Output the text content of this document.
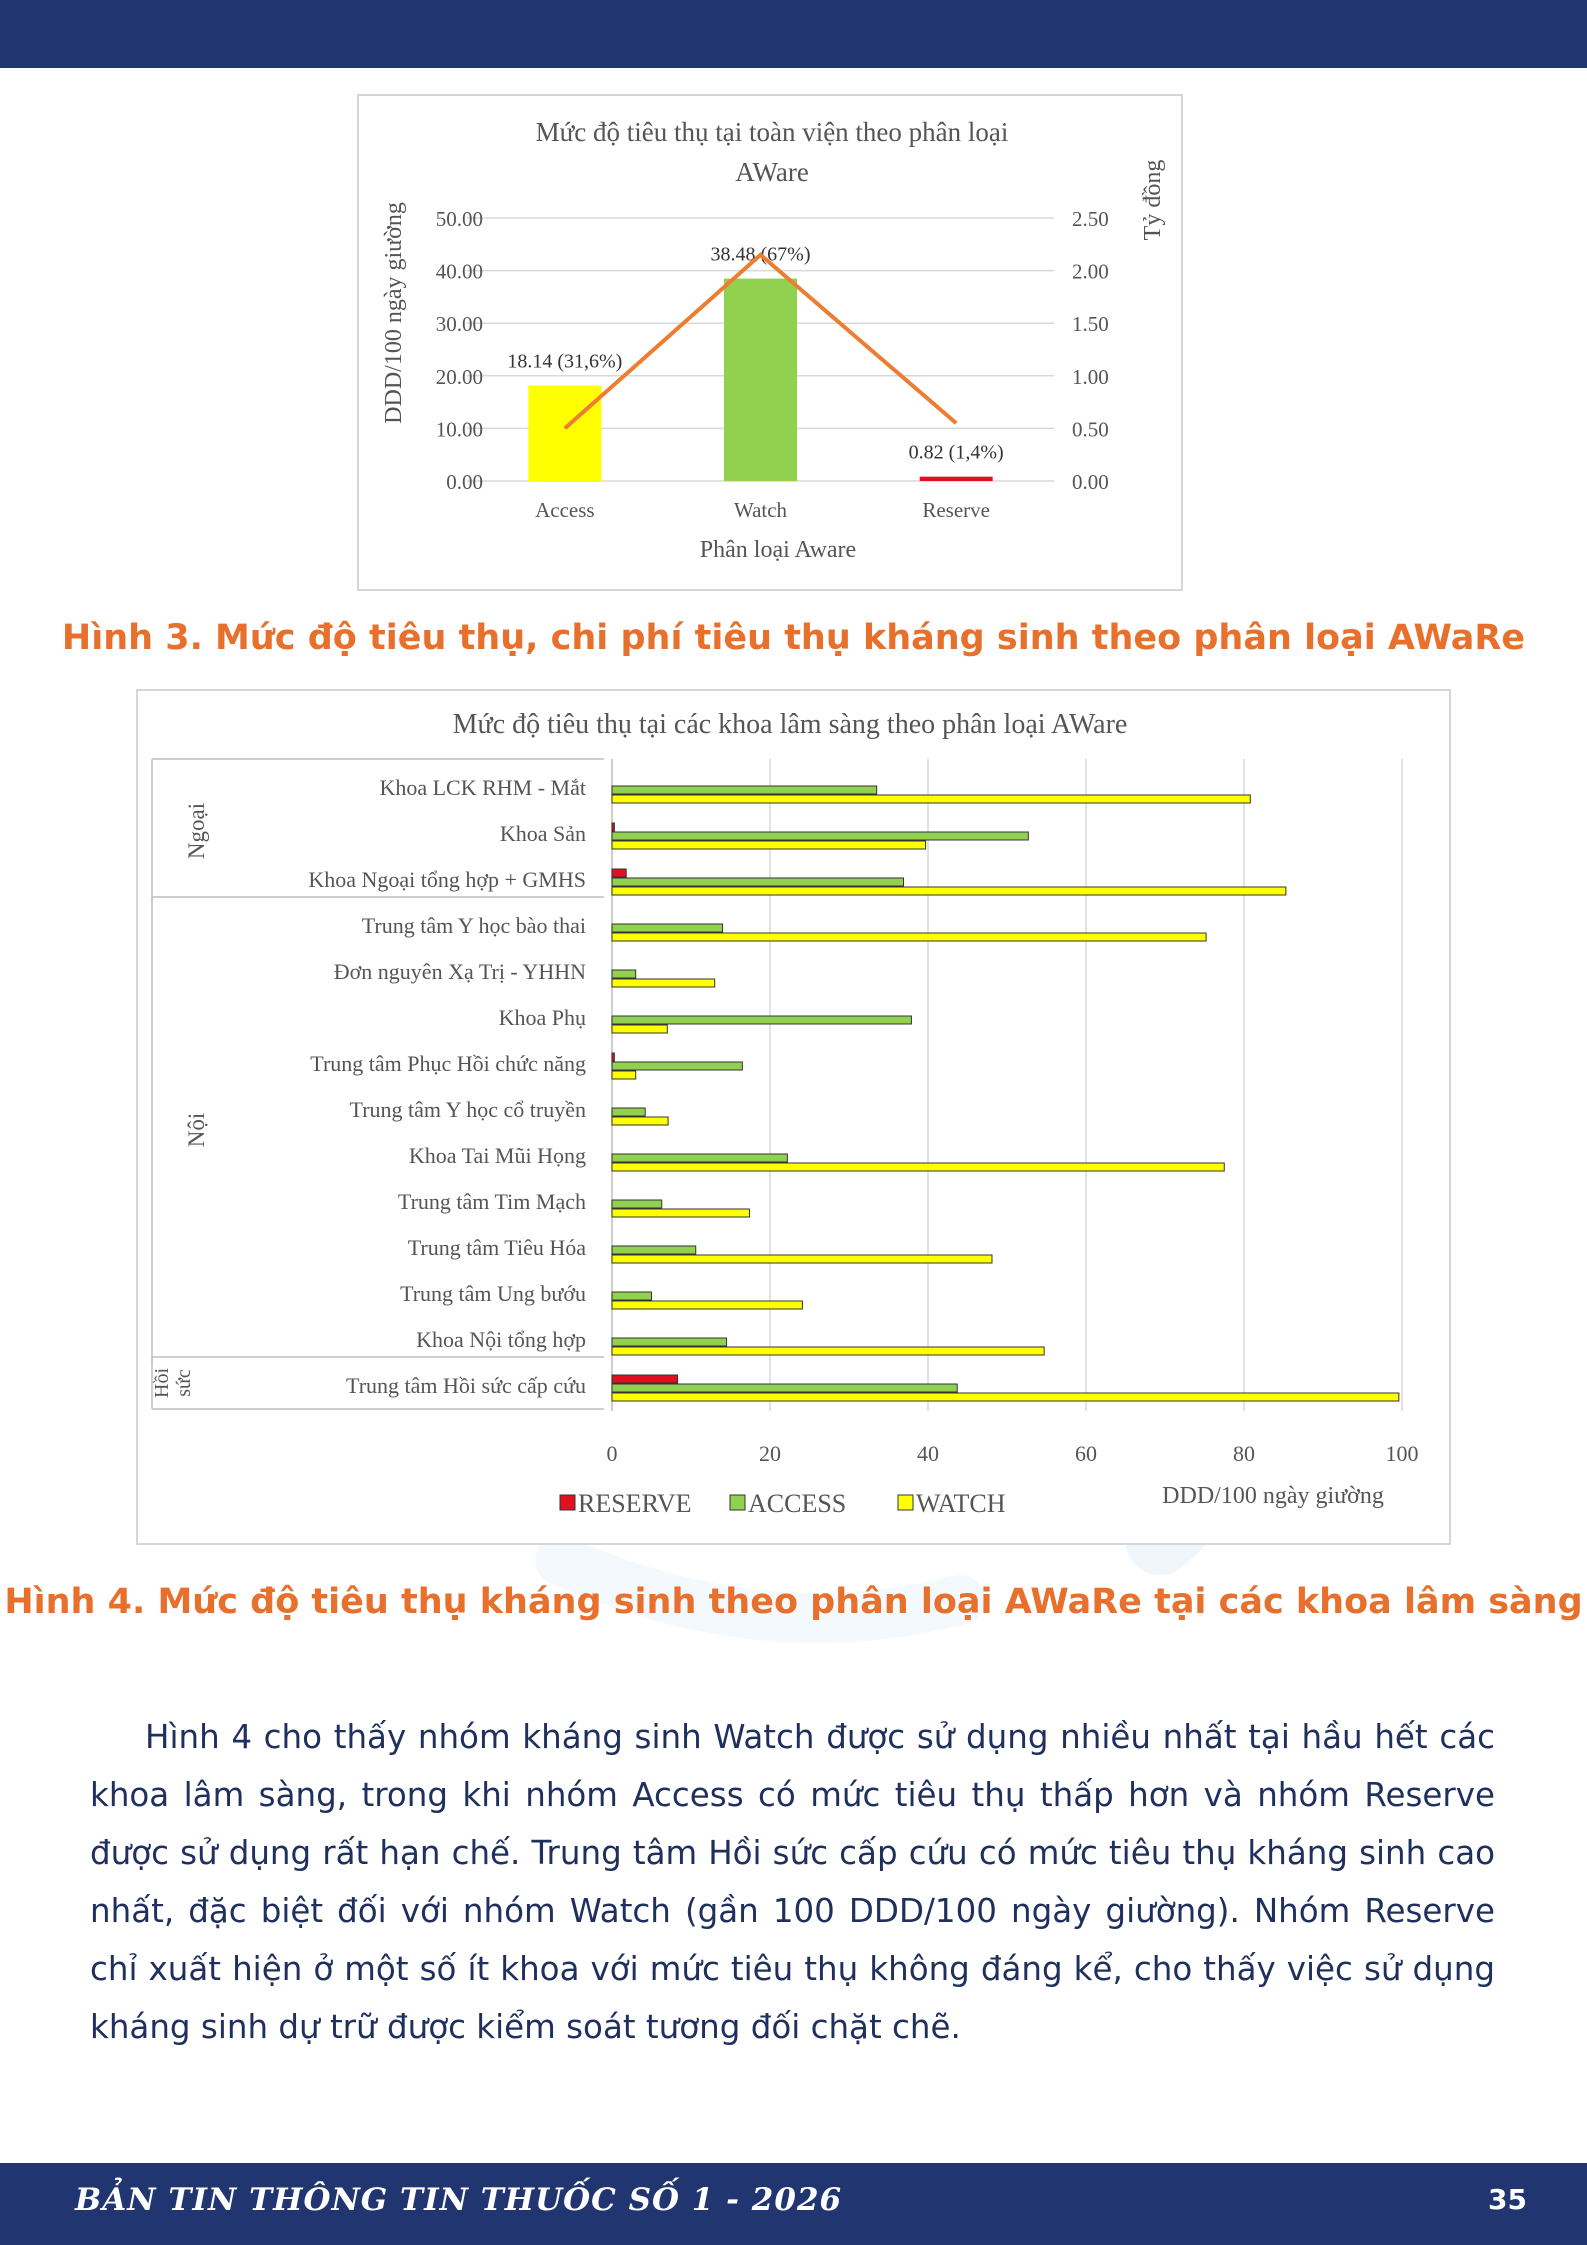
Mức độ tiêu thụ tại toàn viện theo phân loại
AWare
DDD/100 ngày giường
Tỷ đồng
Phân loại Aware
0.00
10.00
20.00
30.00
40.00
50.00
0.00
0.50
1.00
1.50
2.00
2.50
18.14 (31,6%)
Access
38.48 (67%)
Watch
0.82 (1,4%)
Reserve
Hình 3. Mức độ tiêu thụ, chi phí tiêu thụ kháng sinh theo phân loại AWaRe
Mức độ tiêu thụ tại các khoa lâm sàng theo phân loại AWare
DDD/100 ngày giường
0	20	40	60	80	100
Khoa LCK RHM - Mắt
Khoa Sản
Khoa Ngoại tổng hợp + GMHS
Trung tâm Y học bào thai
Đơn nguyên Xạ Trị - YHHN
Khoa Phụ
Trung tâm Phục Hồi chức năng
Trung tâm Y học cổ truyền
Khoa Tai Mũi Họng
Trung tâm Tim Mạch
Trung tâm Tiêu Hóa
Trung tâm Ung bướu
Khoa Nội tổng hợp
Trung tâm Hồi sức cấp cứu
Ngoại
Nội
Hồi sức
RESERVE ACCESS	WATCH
Hình 4. Mức độ tiêu thụ kháng sinh theo phân loại AWaRe tại các khoa lâm sàng

Hình 4 cho thấy nhóm kháng sinh Watch được sử dụng nhiều nhất tại hầu hết các khoa lâm sàng, trong khi nhóm Access có mức tiêu thụ thấp hơn và nhóm Reserve được sử dụng rất hạn chế. Trung tâm Hồi sức cấp cứu có mức tiêu thụ kháng sinh cao nhất, đặc biệt đối với nhóm Watch (gần 100 DDD/100 ngày giường). Nhóm Reserve chỉ xuất hiện ở một số ít khoa với mức tiêu thụ không đáng kể, cho thấy việc sử dụng kháng sinh dự trữ được kiểm soát tương đối chặt chẽ.

BẢN TIN THÔNG TIN THUỐC SỐ 1 - 2026	35
